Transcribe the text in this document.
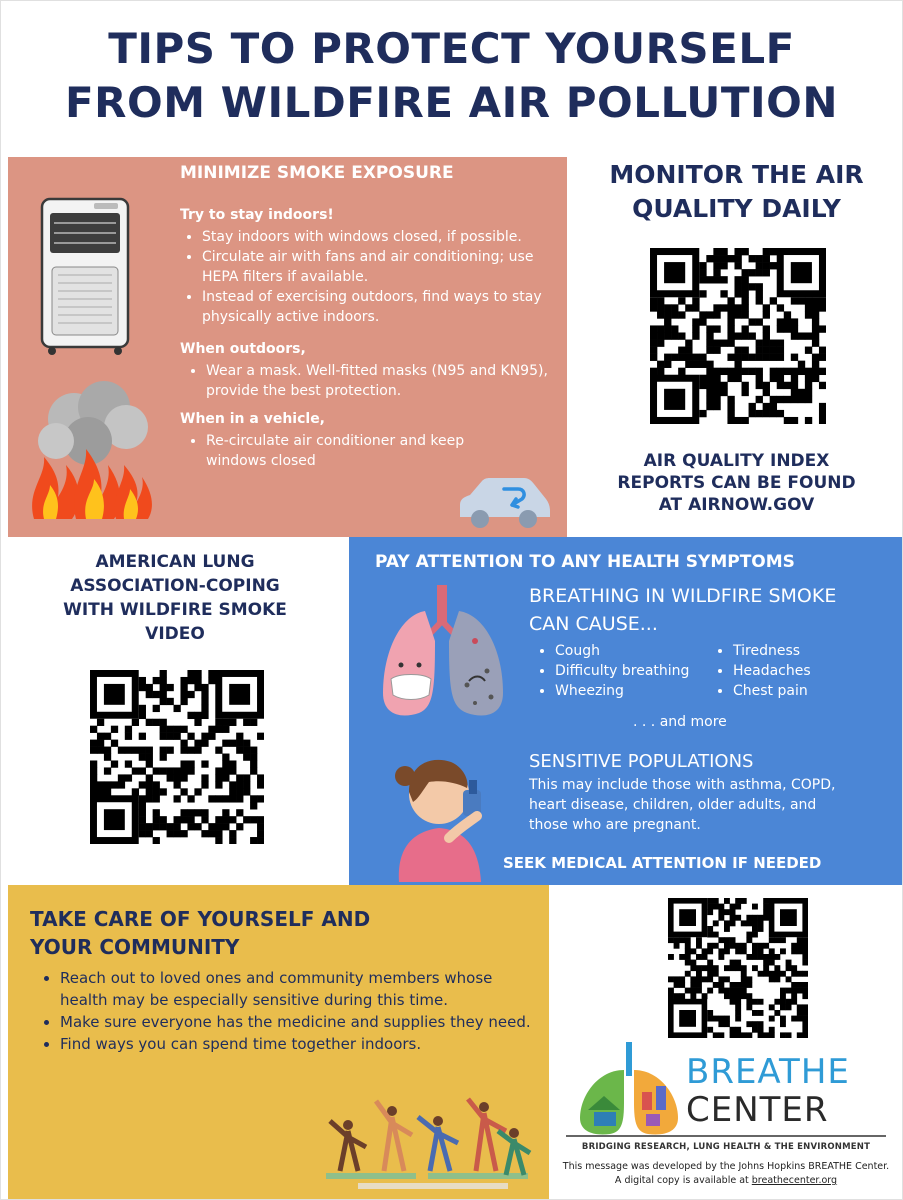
TIPS TO PROTECT YOURSELF
FROM WILDFIRE AIR POLLUTION
MINIMIZE SMOKE EXPOSURE
Try to stay indoors!
• Stay indoors with windows closed, if possible.
• Circulate air with fans and air conditioning; use HEPA filters if available.
• Instead of exercising outdoors, find ways to stay physically active indoors.
When outdoors,
• Wear a mask. Well-fitted masks (N95 and KN95), provide the best protection.
When in a vehicle,
• Re-circulate air conditioner and keep windows closed
MONITOR THE AIR
QUALITY DAILY
AIR QUALITY INDEX
REPORTS CAN BE FOUND
AT AIRNOW.GOV
AMERICAN LUNG
ASSOCIATION-COPING
WITH WILDFIRE SMOKE
VIDEO
PAY ATTENTION TO ANY HEALTH SYMPTOMS
BREATHING IN WILDFIRE SMOKE
CAN CAUSE...
• Cough
• Difficulty breathing
• Wheezing
• Tiredness
• Headaches
• Chest pain
. . . and more
SENSITIVE POPULATIONS
This may include those with asthma, COPD,
heart disease, children, older adults, and
those who are pregnant.
SEEK MEDICAL ATTENTION IF NEEDED
TAKE CARE OF YOURSELF AND
YOUR COMMUNITY
• Reach out to loved ones and community members whose health may be especially sensitive during this time.
• Make sure everyone has the medicine and supplies they need.
• Find ways you can spend time together indoors.
BREATHE
CENTER
BRIDGING RESEARCH, LUNG HEALTH & THE ENVIRONMENT
This message was developed by the Johns Hopkins BREATHE Center.
A digital copy is available at breathecenter.org
